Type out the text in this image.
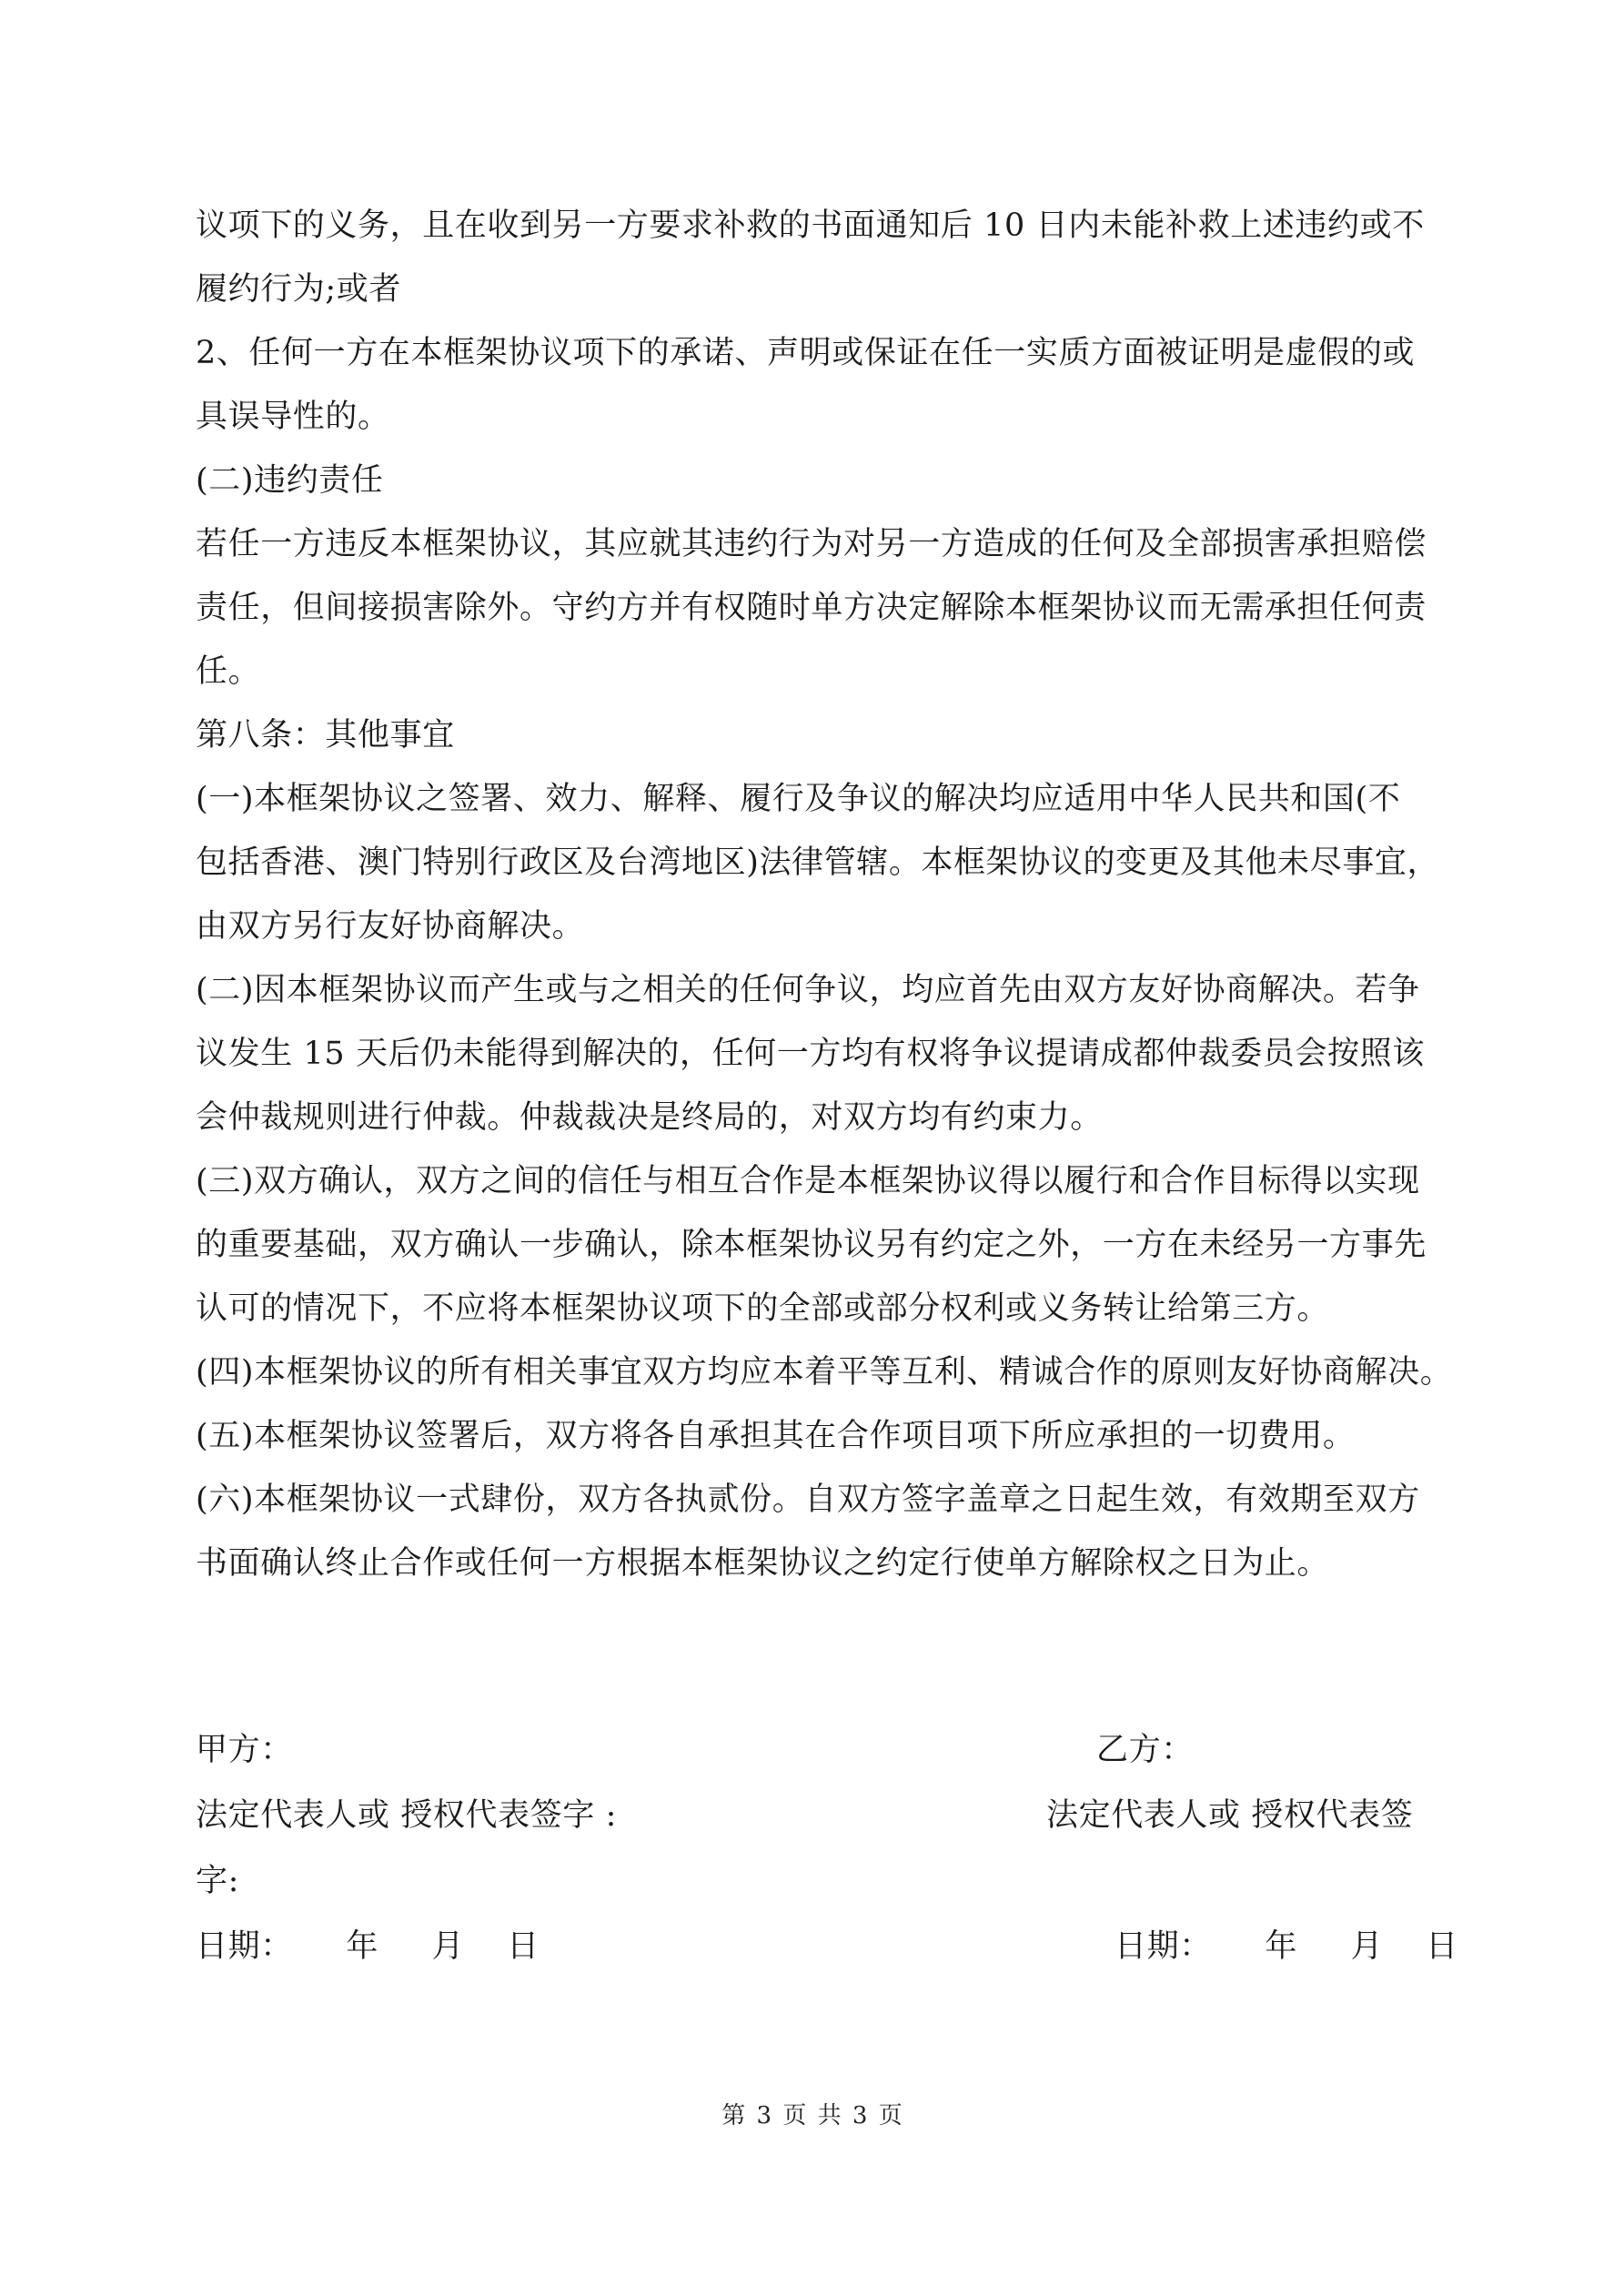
议项下的义务，且在收到另一方要求补救的书面通知后 10 日内未能补救上述违约或不
履约行为;或者
2、任何一方在本框架协议项下的承诺、声明或保证在任一实质方面被证明是虚假的或
具误导性的。
(二)违约责任
若任一方违反本框架协议，其应就其违约行为对另一方造成的任何及全部损害承担赔偿
责任，但间接损害除外。守约方并有权随时单方决定解除本框架协议而无需承担任何责
任。
第八条：其他事宜
(一)本框架协议之签署、效力、解释、履行及争议的解决均应适用中华人民共和国(不
包括香港、澳门特别行政区及台湾地区)法律管辖。本框架协议的变更及其他未尽事宜，
由双方另行友好协商解决。
(二)因本框架协议而产生或与之相关的任何争议，均应首先由双方友好协商解决。若争
议发生 15 天后仍未能得到解决的，任何一方均有权将争议提请成都仲裁委员会按照该
会仲裁规则进行仲裁。仲裁裁决是终局的，对双方均有约束力。
(三)双方确认，双方之间的信任与相互合作是本框架协议得以履行和合作目标得以实现
的重要基础，双方确认一步确认，除本框架协议另有约定之外，一方在未经另一方事先
认可的情况下，不应将本框架协议项下的全部或部分权利或义务转让给第三方。
(四)本框架协议的所有相关事宜双方均应本着平等互利、精诚合作的原则友好协商解决。
(五)本框架协议签署后，双方将各自承担其在合作项目项下所应承担的一切费用。
(六)本框架协议一式肆份，双方各执贰份。自双方签字盖章之日起生效，有效期至双方
书面确认终止合作或任何一方根据本框架协议之约定行使单方解除权之日为止。
甲方：	乙方：
法定代表人或 授权代表签字 :	法定代表人或 授权代表签
字:
日期：     年     月    日	日期：     年     月    日
第 3 页 共 3 页
